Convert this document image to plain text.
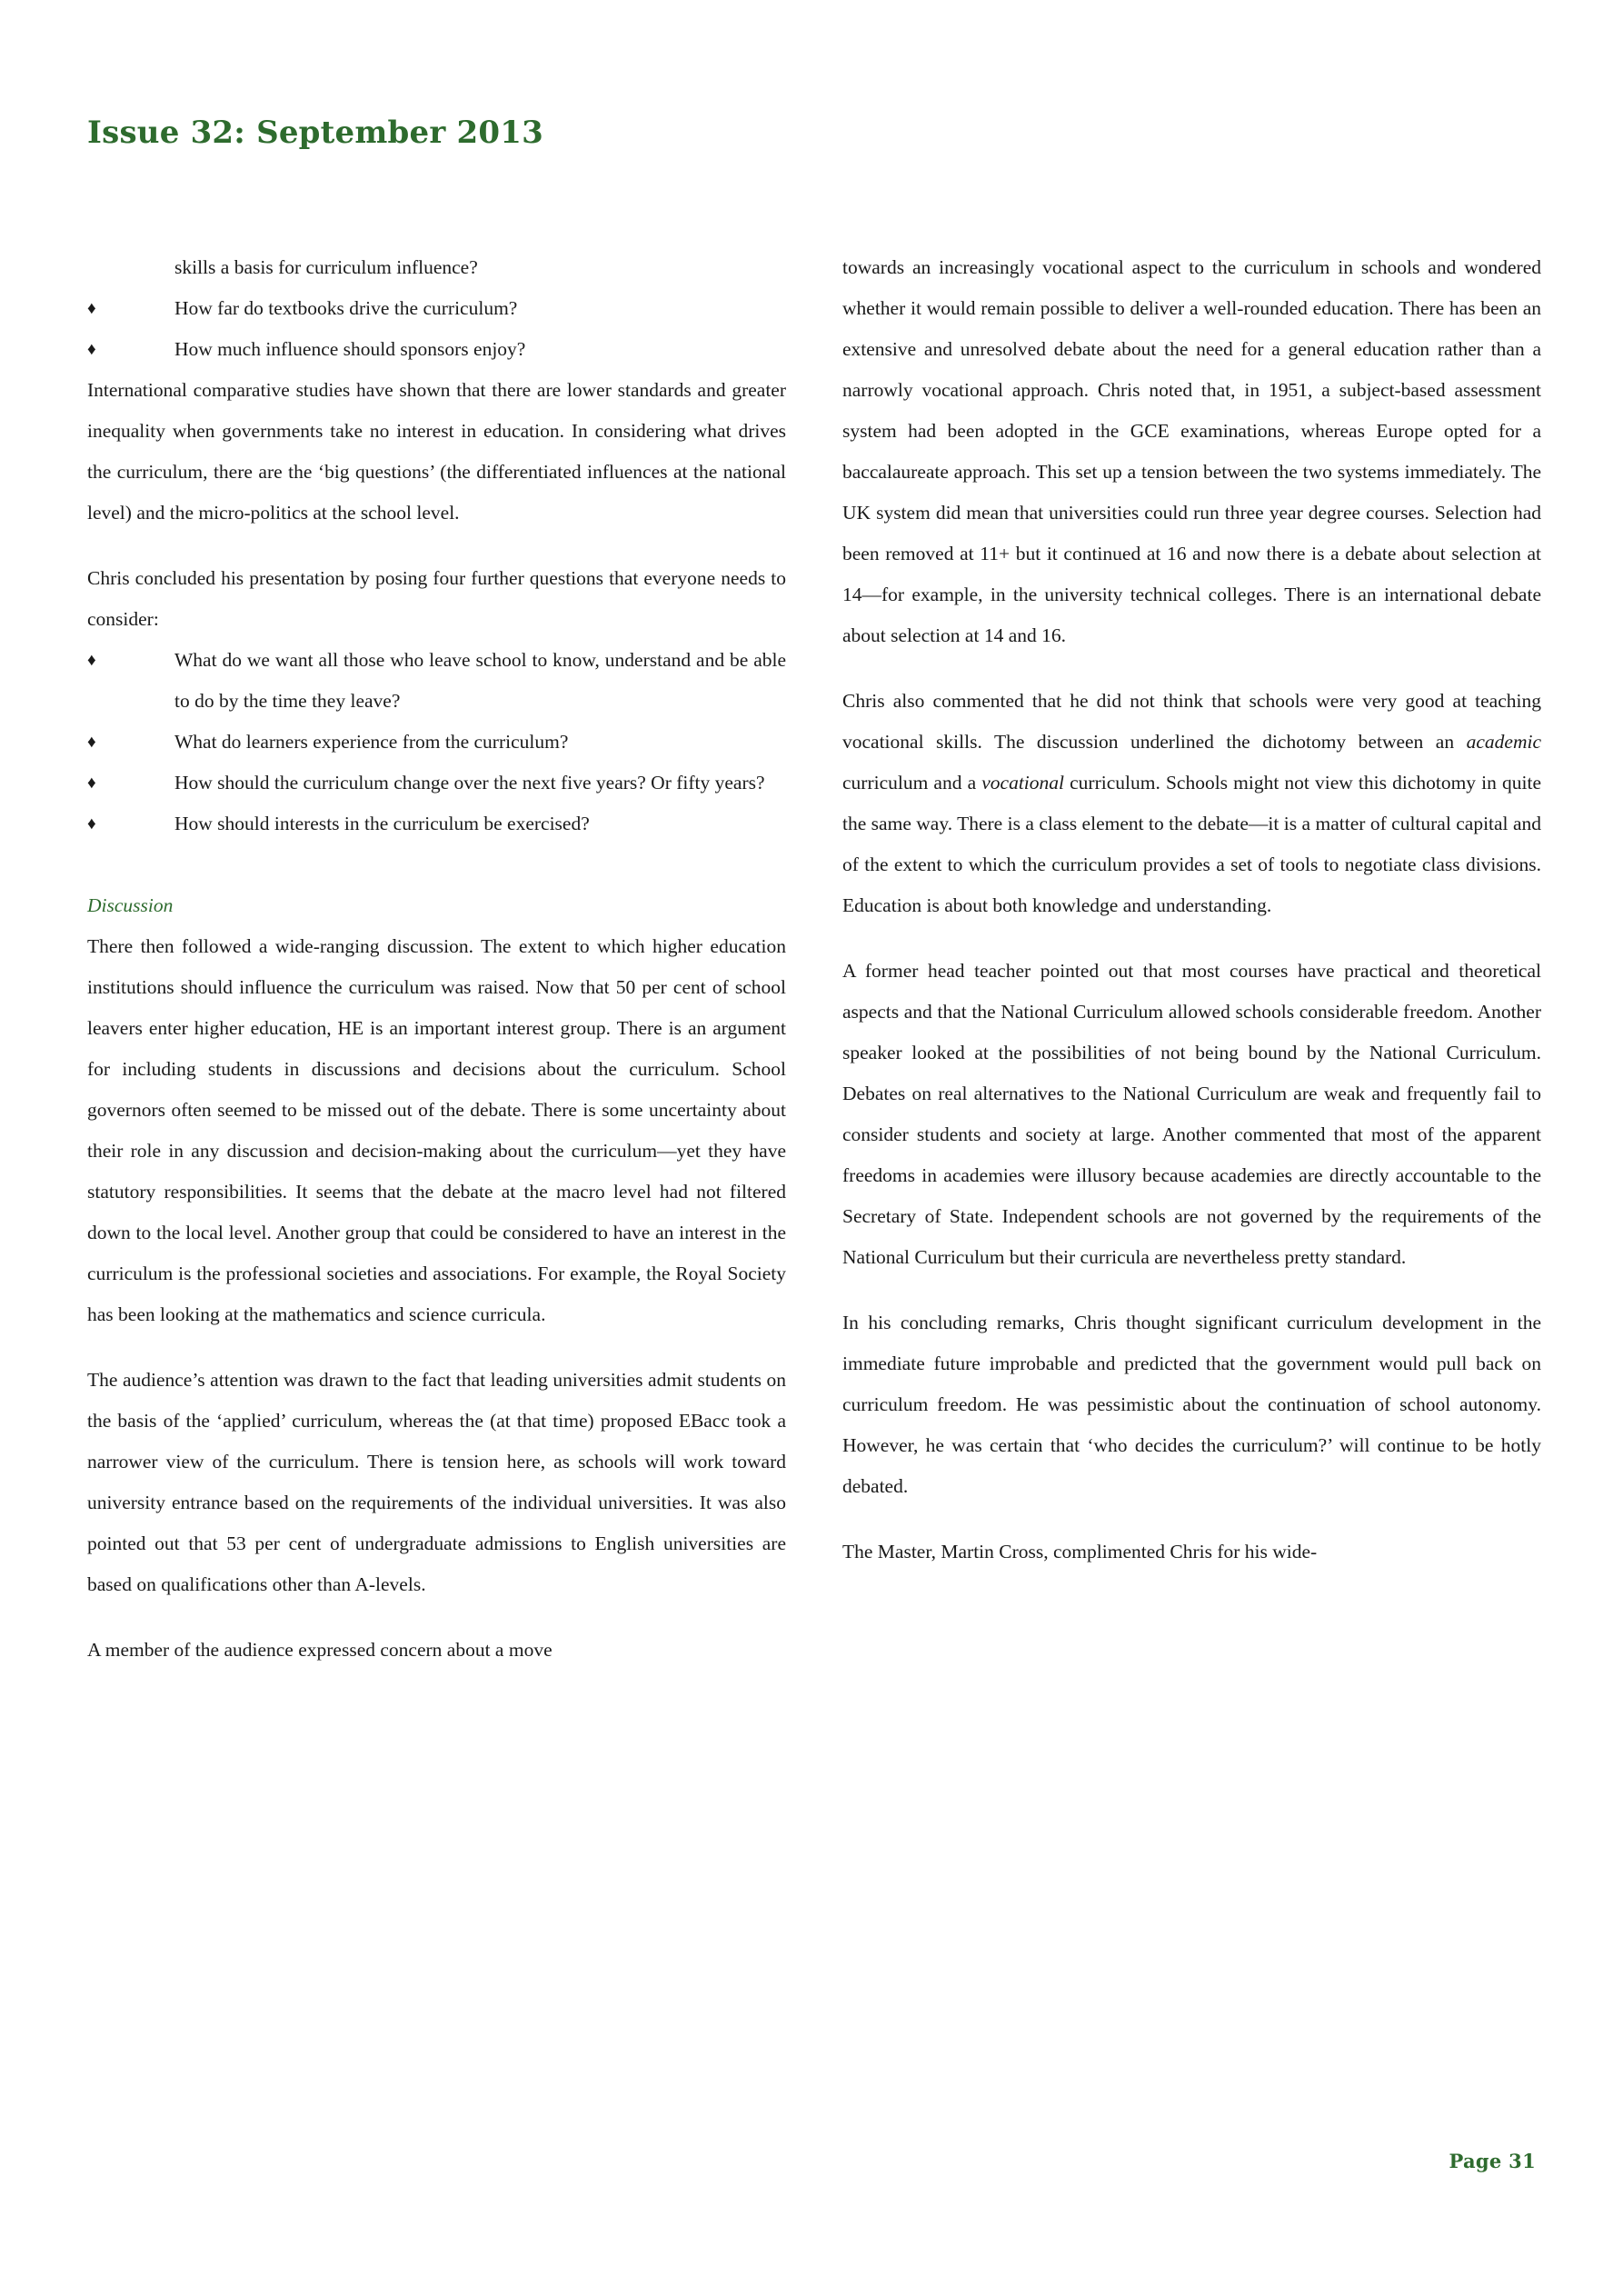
Issue 32: September 2013

skills a basis for curriculum influence?

♦	How far do textbooks drive the curriculum?
♦	How much influence should sponsors enjoy?

International comparative studies have shown that there are lower standards and greater inequality when governments take no interest in education. In considering what drives the curriculum, there are the ‘big questions’ (the differentiated influences at the national level) and the micro-politics at the school level.

Chris concluded his presentation by posing four further questions that everyone needs to consider:

♦	What do we want all those who leave school to know, understand and be able to do by the time they leave?
♦	What do learners experience from the curriculum?
♦	How should the curriculum change over the next five years? Or fifty years?
♦	How should interests in the curriculum be exercised?
Discussion

There then followed a wide-ranging discussion. The extent to which higher education institutions should influence the curriculum was raised. Now that 50 per cent of school leavers enter higher education, HE is an important interest group. There is an argument for including students in discussions and decisions about the curriculum. School governors often seemed to be missed out of the debate. There is some uncertainty about their role in any discussion and decision-making about the curriculum—yet they have statutory responsibilities. It seems that the debate at the macro level had not filtered down to the local level. Another group that could be considered to have an interest in the curriculum is the professional societies and associations. For example, the Royal Society has been looking at the mathematics and science curricula.

The audience’s attention was drawn to the fact that leading universities admit students on the basis of the ‘applied’ curriculum, whereas the (at that time) proposed EBacc took a narrower view of the curriculum. There is tension here, as schools will work toward university entrance based on the requirements of the individual universities. It was also pointed out that 53 per cent of undergraduate admissions to English universities are based on qualifications other than A-levels.

A member of the audience expressed concern about a move

towards an increasingly vocational aspect to the curriculum in schools and wondered whether it would remain possible to deliver a well-rounded education. There has been an extensive and unresolved debate about the need for a general education rather than a narrowly vocational approach. Chris noted that, in 1951, a subject-based assessment system had been adopted in the GCE examinations, whereas Europe opted for a baccalaureate approach. This set up a tension between the two systems immediately. The UK system did mean that universities could run three year degree courses. Selection had been removed at 11+ but it continued at 16 and now there is a debate about selection at 14—for example, in the university technical colleges. There is an international debate about selection at 14 and 16.

Chris also commented that he did not think that schools were very good at teaching vocational skills. The discussion underlined the dichotomy between an academic curriculum and a vocational curriculum. Schools might not view this dichotomy in quite the same way. There is a class element to the debate—it is a matter of cultural capital and of the extent to which the curriculum provides a set of tools to negotiate class divisions. Education is about both knowledge and understanding.

A former head teacher pointed out that most courses have practical and theoretical aspects and that the National Curriculum allowed schools considerable freedom. Another speaker looked at the possibilities of not being bound by the National Curriculum. Debates on real alternatives to the National Curriculum are weak and frequently fail to consider students and society at large. Another commented that most of the apparent freedoms in academies were illusory because academies are directly accountable to the Secretary of State. Independent schools are not governed by the requirements of the National Curriculum but their curricula are nevertheless pretty standard.

In his concluding remarks, Chris thought significant curriculum development in the immediate future improbable and predicted that the government would pull back on curriculum freedom. He was pessimistic about the continuation of school autonomy. However, he was certain that ‘who decides the curriculum?’ will continue to be hotly debated.

The Master, Martin Cross, complimented Chris for his wide-

Page 31
